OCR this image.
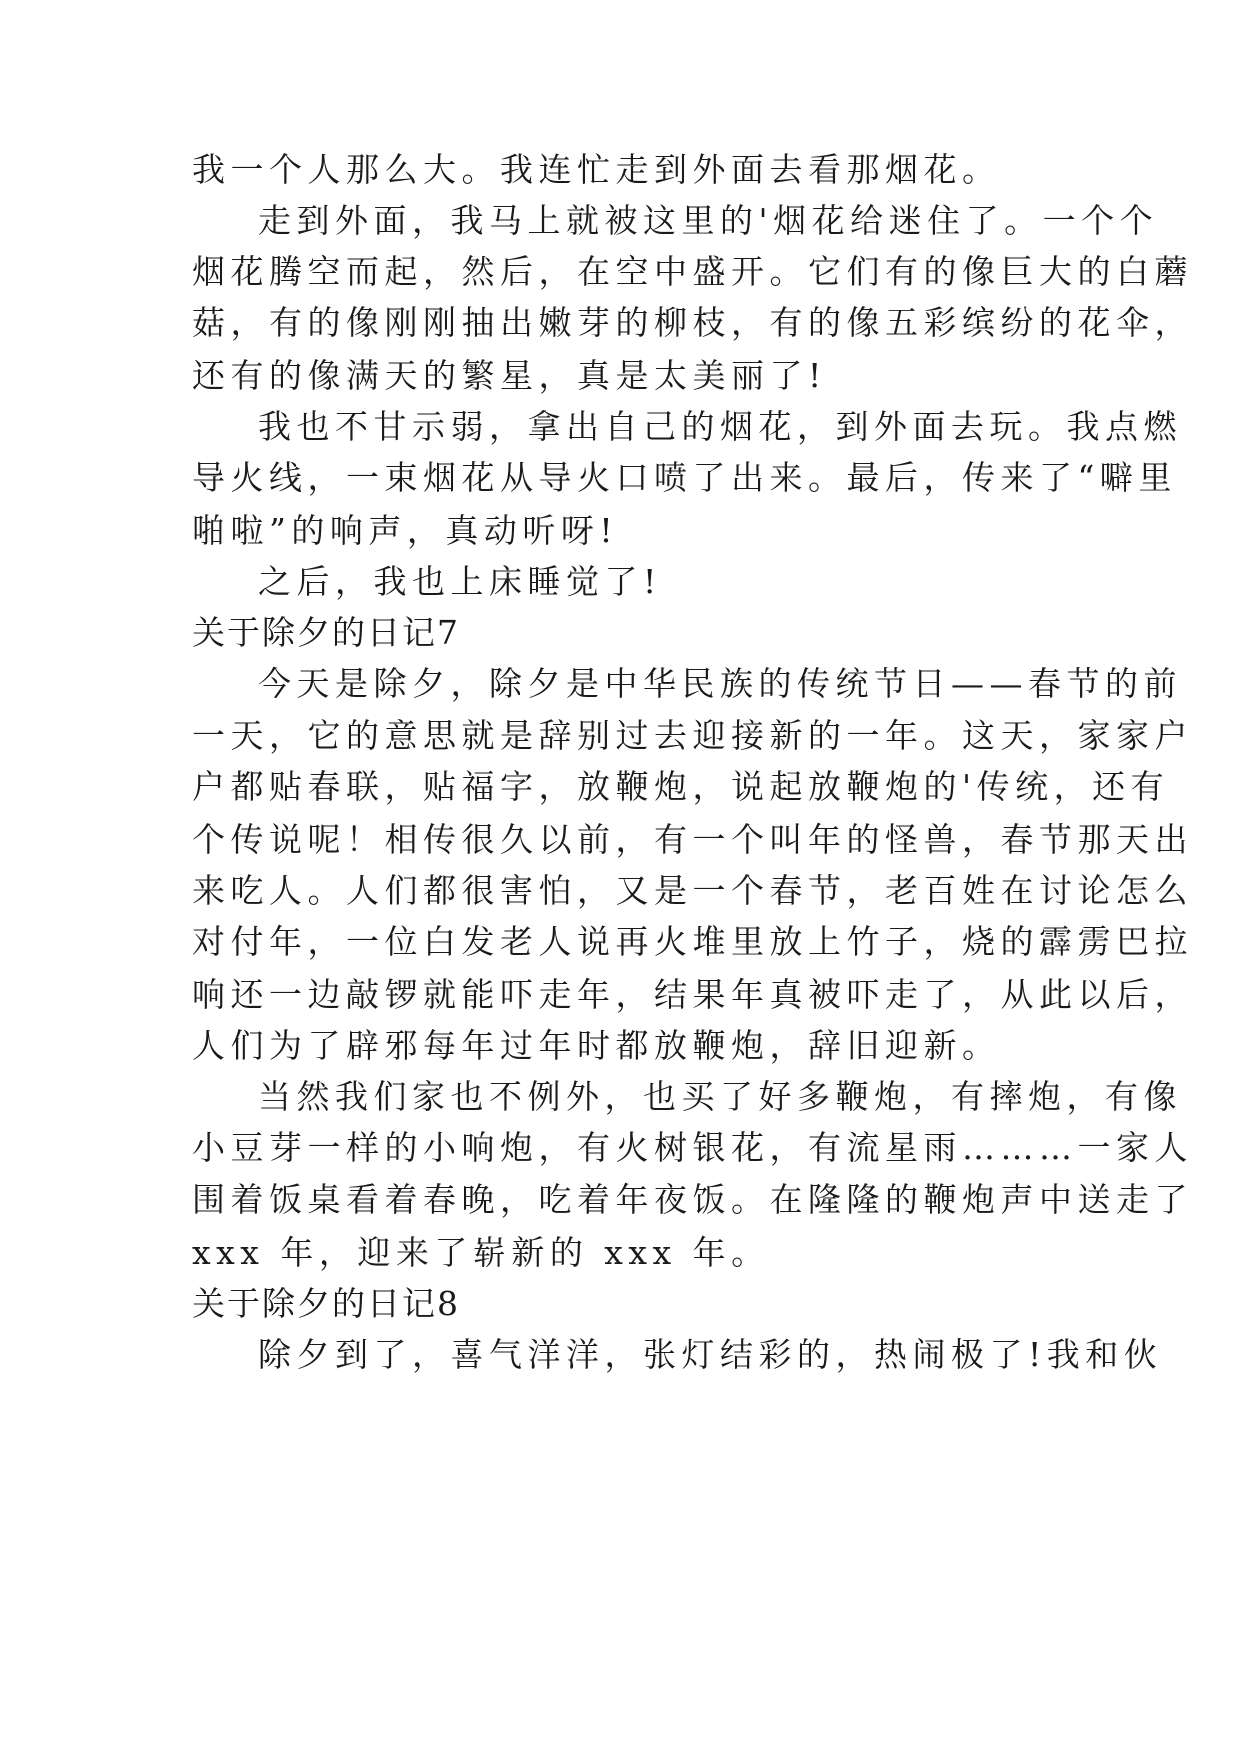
我一个人那么大。我连忙走到外面去看那烟花。
走到外面，我马上就被这里的'烟花给迷住了。一个个
烟花腾空而起，然后，在空中盛开。它们有的像巨大的白蘑
菇，有的像刚刚抽出嫩芽的柳枝，有的像五彩缤纷的花伞，
还有的像满天的繁星，真是太美丽了!
我也不甘示弱，拿出自己的烟花，到外面去玩。我点燃
导火线，一束烟花从导火口喷了出来。最后，传来了“噼里
啪啦”的响声，真动听呀!
之后，我也上床睡觉了!
关于除夕的日记7
今天是除夕，除夕是中华民族的传统节日——春节的前
一天，它的意思就是辞别过去迎接新的一年。这天，家家户
户都贴春联，贴福字，放鞭炮，说起放鞭炮的'传统，还有
个传说呢！相传很久以前，有一个叫年的怪兽，春节那天出
来吃人。人们都很害怕，又是一个春节，老百姓在讨论怎么
对付年，一位白发老人说再火堆里放上竹子，烧的霹雳巴拉
响还一边敲锣就能吓走年，结果年真被吓走了，从此以后，
人们为了辟邪每年过年时都放鞭炮，辞旧迎新。
当然我们家也不例外，也买了好多鞭炮，有摔炮，有像
小豆芽一样的小响炮，有火树银花，有流星雨………一家人
围着饭桌看着春晚，吃着年夜饭。在隆隆的鞭炮声中送走了
xxx 年，迎来了崭新的 xxx 年。
关于除夕的日记8
除夕到了，喜气洋洋，张灯结彩的，热闹极了!我和伙
